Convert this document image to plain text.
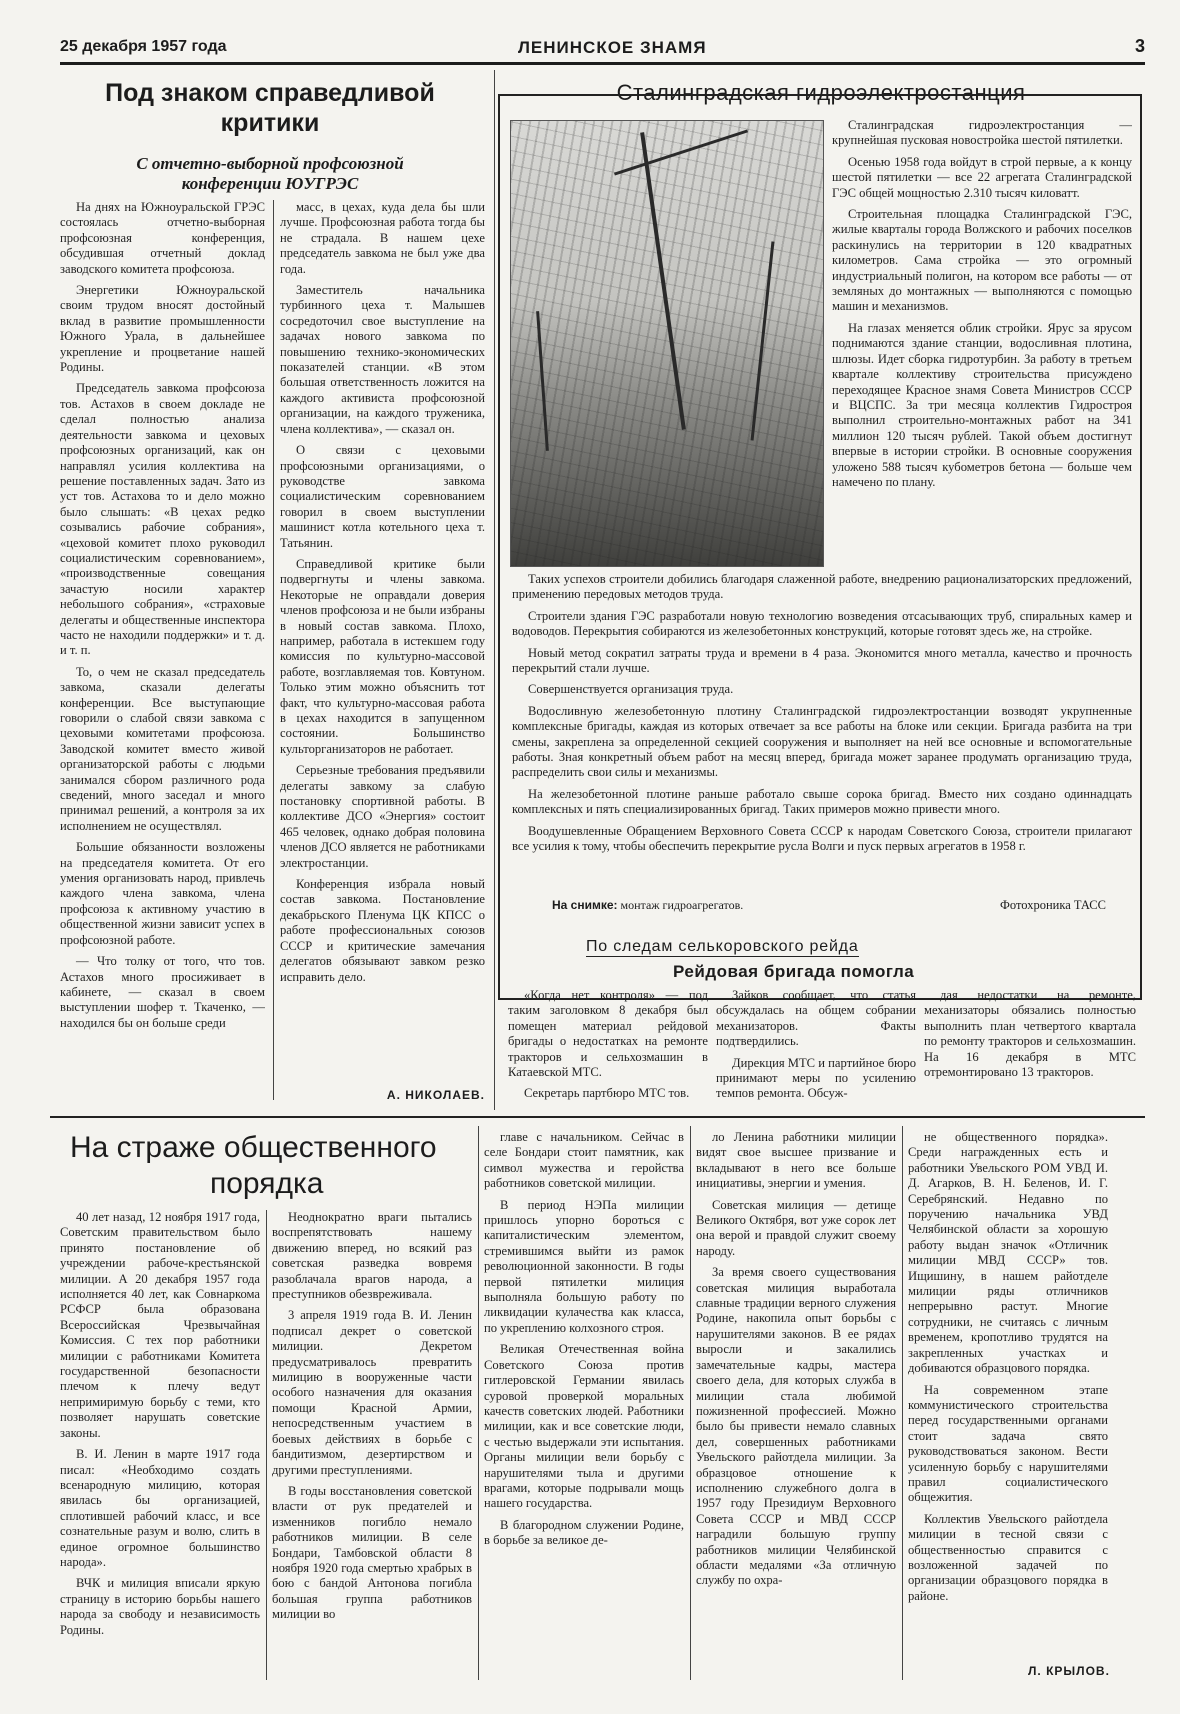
25 декабря 1957 года	ЛЕНИНСКОЕ ЗНАМЯ	3
Под знаком справедливой
критики
С отчетно-выборной профсоюзной
конференции ЮУГРЭС

На днях на Южноуральской ГРЭС состоялась отчетно-выборная профсоюзная конференция, обсудившая отчетный доклад заводского комитета профсоюза.

Энергетики Южноуральской своим трудом вносят достойный вклад в развитие промышленности Южного Урала, в дальнейшее укрепление и процветание нашей Родины.

Председатель завкома профсоюза тов. Астахов в своем докладе не сделал полностью анализа деятельности завкома и цеховых профсоюзных организаций, как он направлял усилия коллектива на решение поставленных задач. Зато из уст тов. Астахова то и дело можно было слышать: «В цехах редко созывались рабочие собрания», «цеховой комитет плохо руководил социалистическим соревнованием», «производственные совещания зачастую носили характер небольшого собрания», «страховые делегаты и общественные инспектора часто не находили поддержки» и т. д. и т. п.

То, о чем не сказал председатель завкома, сказали делегаты конференции. Все выступающие говорили о слабой связи завкома с цеховыми комитетами профсоюза. Заводской комитет вместо живой организаторской работы с людьми занимался сбором различного рода сведений, много заседал и много принимал решений, а контроля за их исполнением не осуществлял.

Большие обязанности возложены на председателя комитета. От его умения организовать народ, привлечь каждого члена завкома, члена профсоюза к активному участию в общественной жизни зависит успех в профсоюзной работе.

— Что толку от того, что тов. Астахов много просиживает в кабинете, — сказал в своем выступлении шофер т. Ткаченко, — находился бы он больше среди

масс, в цехах, куда дела бы шли лучше. Профсоюзная работа тогда бы не страдала. В нашем цехе председатель завкома не был уже два года.

Заместитель начальника турбинного цеха т. Малышев сосредоточил свое выступление на задачах нового завкома по повышению технико-экономических показателей станции. «В этом большая ответственность ложится на каждого активиста профсоюзной организации, на каждого труженика, члена коллектива», — сказал он.

О связи с цеховыми профсоюзными организациями, о руководстве завкома социалистическим соревнованием говорил в своем выступлении машинист котла котельного цеха т. Татьянин.

Справедливой критике были подвергнуты и члены завкома. Некоторые не оправдали доверия членов профсоюза и не были избраны в новый состав завкома. Плохо, например, работала в истекшем году комиссия по культурно-массовой работе, возглавляемая тов. Ковтуном. Только этим можно объяснить тот факт, что культурно-массовая работа в цехах находится в запущенном состоянии. Большинство культорганизаторов не работает.

Серьезные требования предъявили делегаты завкому за слабую постановку спортивной работы. В коллективе ДСО «Энергия» состоит 465 человек, однако добрая половина членов ДСО является не работниками электростанции.

Конференция избрала новый состав завкома. Постановление декабрьского Пленума ЦК КПСС о работе профессиональных союзов СССР и критические замечания делегатов обязывают завком резко исправить дело.

А. НИКОЛАЕВ.
Сталинградская гидроэлектростанция

Сталинградская гидроэлектростанция — крупнейшая пусковая новостройка шестой пятилетки.

Осенью 1958 года войдут в строй первые, а к концу шестой пятилетки — все 22 агрегата Сталинградской ГЭС общей мощностью 2.310 тысяч киловатт.

Строительная площадка Сталинградской ГЭС, жилые кварталы города Волжского и рабочих поселков раскинулись на территории в 120 квадратных километров. Сама стройка — это огромный индустриальный полигон, на котором все работы — от земляных до монтажных — выполняются с помощью машин и механизмов.

На глазах меняется облик стройки. Ярус за ярусом поднимаются здание станции, водосливная плотина, шлюзы. Идет сборка гидротурбин. За работу в третьем квартале коллективу строительства присуждено переходящее Красное знамя Совета Министров СССР и ВЦСПС. За три месяца коллектив Гидростроя выполнил строительно-монтажных работ на 341 миллион 120 тысяч рублей. Такой объем достигнут впервые в истории стройки. В основные сооружения уложено 588 тысяч кубометров бетона — больше чем намечено по плану.

Таких успехов строители добились благодаря слаженной работе, внедрению рационализаторских предложений, применению передовых методов труда.

Строители здания ГЭС разработали новую технологию возведения отсасывающих труб, спиральных камер и водоводов. Перекрытия собираются из железобетонных конструкций, которые готовят здесь же, на стройке.

Новый метод сократил затраты труда и времени в 4 раза. Экономится много металла, качество и прочность перекрытий стали лучше.

Совершенствуется организация труда.

Водосливную железобетонную плотину Сталинградской гидроэлектростанции возводят укрупненные комплексные бригады, каждая из которых отвечает за все работы на блоке или секции. Бригада разбита на три смены, закреплена за определенной секцией сооружения и выполняет на ней все основные и вспомогательные работы. Зная конкретный объем работ на месяц вперед, бригада может заранее продумать организацию труда, распределить свои силы и механизмы.

На железобетонной плотине раньше работало свыше сорока бригад. Вместо них создано одиннадцать комплексных и пять специализированных бригад. Таких примеров можно привести много.

Воодушевленные Обращением Верховного Совета СССР к народам Советского Союза, строители прилагают все усилия к тому, чтобы обеспечить перекрытие русла Волги и пуск первых агрегатов в 1958 г.

На снимке: монтаж гидроагрегатов.	Фотохроника ТАСС
По следам селькоровского рейда
Рейдовая бригада помогла

«Когда нет контроля» — под таким заголовком 8 декабря был помещен материал рейдовой бригады о недостатках на ремонте тракторов и сельхозмашин в Катаевской МТС.

Секретарь партбюро МТС тов.

Зайков сообщает, что статья обсуждалась на общем собрании механизаторов. Факты подтвердились.

Дирекция МТС и партийное бюро принимают меры по усилению темпов ремонта. Обсуж-

дая недостатки на ремонте, механизаторы обязались полностью выполнить план четвертого квартала по ремонту тракторов и сельхозмашин. На 16 декабря в МТС отремонтировано 13 тракторов.

На страже общественного
порядка

40 лет назад, 12 ноября 1917 года, Советским правительством было принято постановление об учреждении рабоче-крестьянской милиции. А 20 декабря 1957 года исполняется 40 лет, как Совнаркома РСФСР была образована Всероссийская Чрезвычайная Комиссия. С тех пор работники милиции с работниками Комитета государственной безопасности плечом к плечу ведут непримиримую борьбу с теми, кто позволяет нарушать советские законы.

В. И. Ленин в марте 1917 года писал: «Необходимо создать всенародную милицию, которая явилась бы организацией, сплотившей рабочий класс, и все сознательные разум и волю, слить в единое огромное большинство народа».

ВЧК и милиция вписали яркую страницу в историю борьбы нашего народа за свободу и независимость Родины.

Неоднократно враги пытались воспрепятствовать нашему движению вперед, но всякий раз советская разведка вовремя разоблачала врагов народа, а преступников обезвреживала.

3 апреля 1919 года В. И. Ленин подписал декрет о советской милиции. Декретом предусматривалось превратить милицию в вооруженные части особого назначения для оказания помощи Красной Армии, непосредственным участием в боевых действиях в борьбе с бандитизмом, дезертирством и другими преступлениями.

В годы восстановления советской власти от рук предателей и изменников погибло немало работников милиции. В селе Бондари, Тамбовской области 8 ноября 1920 года смертью храбрых в бою с бандой Антонова погибла большая группа работников милиции во

главе с начальником. Сейчас в селе Бондари стоит памятник, как символ мужества и геройства работников советской милиции.

В период НЭПа милиции пришлось упорно бороться с капиталистическим элементом, стремившимся выйти из рамок революционной законности. В годы первой пятилетки милиция выполняла большую работу по ликвидации кулачества как класса, по укреплению колхозного строя.

Великая Отечественная война Советского Союза против гитлеровской Германии явилась суровой проверкой моральных качеств советских людей. Работники милиции, как и все советские люди, с честью выдержали эти испытания. Органы милиции вели борьбу с нарушителями тыла и другими врагами, которые подрывали мощь нашего государства.

В благородном служении Родине, в борьбе за великое де-

ло Ленина работники милиции видят свое высшее призвание и вкладывают в него все больше инициативы, энергии и умения.

Советская милиция — детище Великого Октября, вот уже сорок лет она верой и правдой служит своему народу.

За время своего существования советская милиция выработала славные традиции верного служения Родине, накопила опыт борьбы с нарушителями законов. В ее рядах выросли и закалились замечательные кадры, мастера своего дела, для которых служба в милиции стала любимой пожизненной профессией. Можно было бы привести немало славных дел, совершенных работниками Увельского райотдела милиции. За образцовое отношение к исполнению служебного долга в 1957 году Президиум Верховного Совета СССР и МВД СССР наградили большую группу работников милиции Челябинской области медалями «За отличную службу по охра-

не общественного порядка». Среди награжденных есть и работники Увельского РОМ УВД И. Д. Агарков, В. Н. Беленов, И. Г. Серебрянский. Недавно по поручению начальника УВД Челябинской области за хорошую работу выдан значок «Отличник милиции МВД СССР» тов. Ищишину, в нашем райотделе милиции ряды отличников непрерывно растут. Многие сотрудники, не считаясь с личным временем, кропотливо трудятся на закрепленных участках и добиваются образцового порядка.

На современном этапе коммунистического строительства перед государственными органами стоит задача свято руководствоваться законом. Вести усиленную борьбу с нарушителями правил социалистического общежития.

Коллектив Увельского райотдела милиции в тесной связи с общественностью справится с возложенной задачей по организации образцового порядка в районе.

Л. КРЫЛОВ.
